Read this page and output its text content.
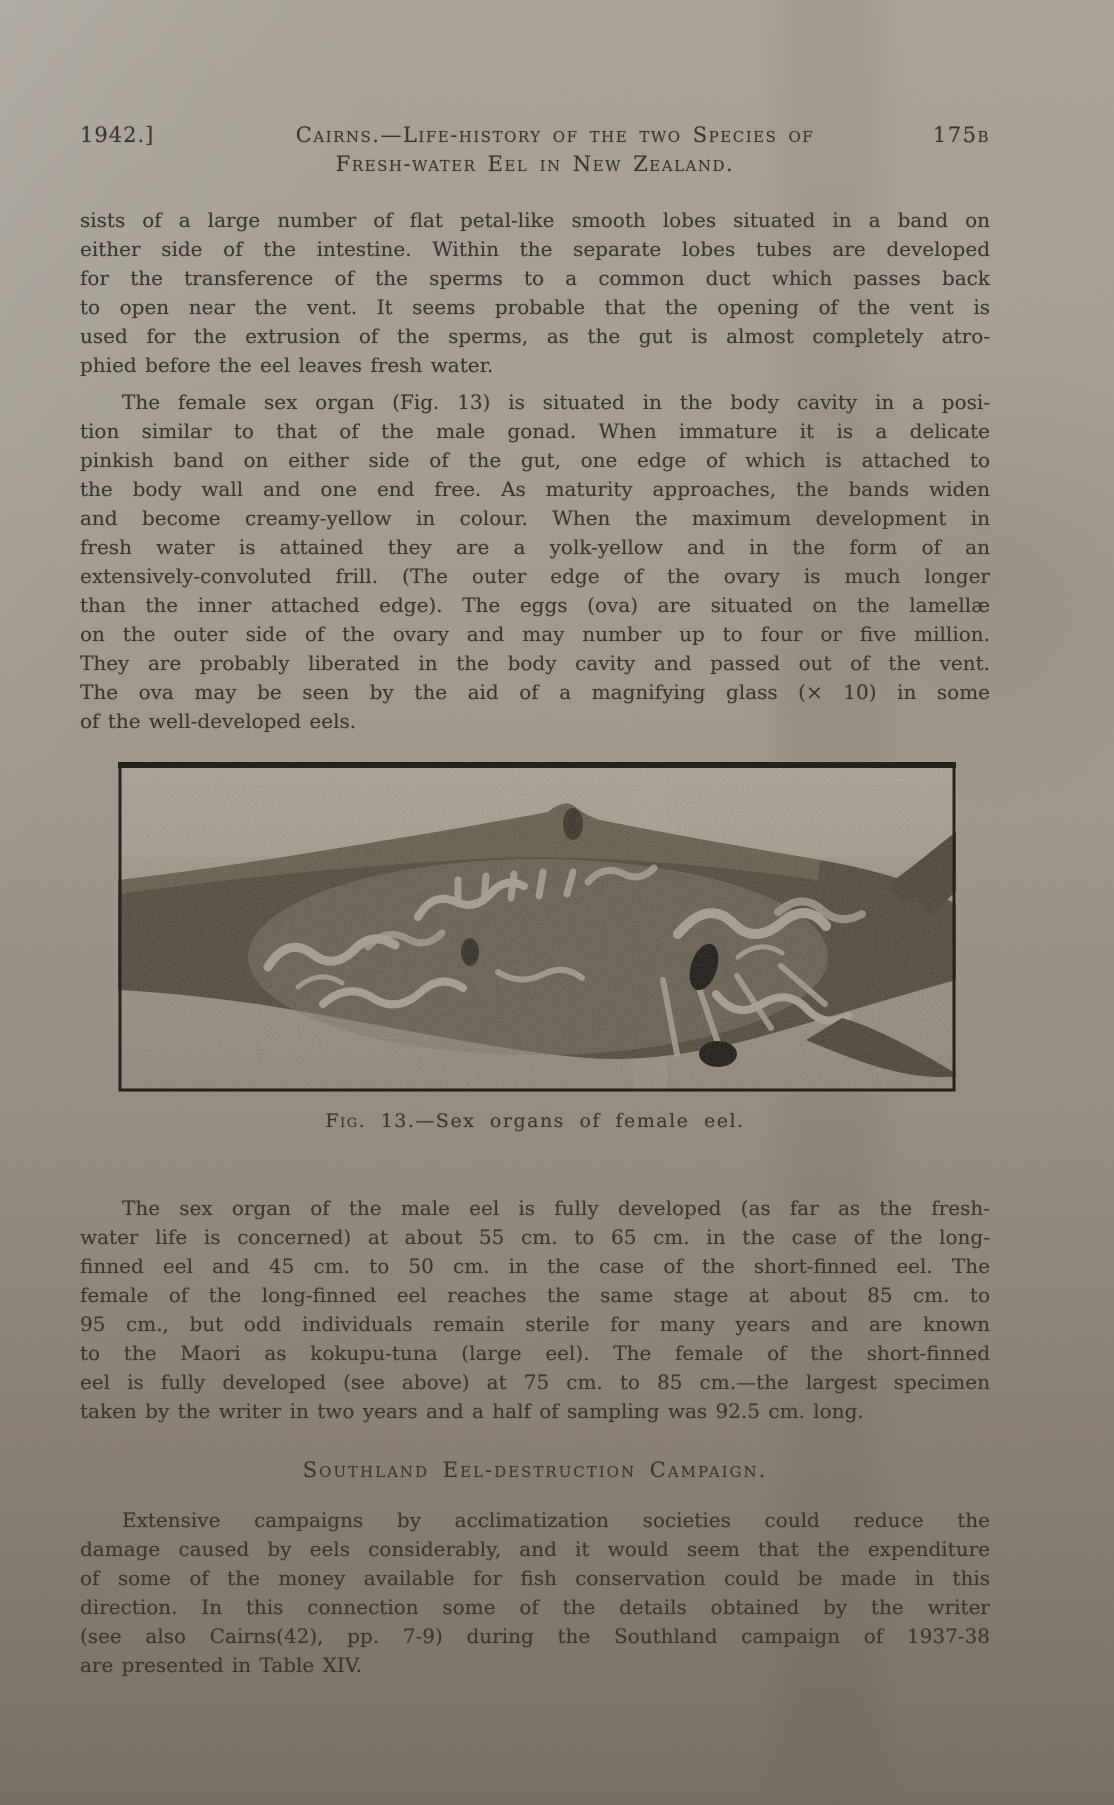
1942.]	Cairns.—Life-history of the two Species of	175b
Fresh-water Eel in New Zealand.
sists of a large number of flat petal-like smooth lobes situated in a band on
either side of the intestine. Within the separate lobes tubes are developed
for the transference of the sperms to a common duct which passes back
to open near the vent. It seems probable that the opening of the vent is
used for the extrusion of the sperms, as the gut is almost completely atro-
phied before the eel leaves fresh water.
The female sex organ (Fig. 13) is situated in the body cavity in a posi-
tion similar to that of the male gonad. When immature it is a delicate
pinkish band on either side of the gut, one edge of which is attached to
the body wall and one end free. As maturity approaches, the bands widen
and become creamy-yellow in colour. When the maximum development in
fresh water is attained they are a yolk-yellow and in the form of an
extensively-convoluted frill. (The outer edge of the ovary is much longer
than the inner attached edge). The eggs (ova) are situated on the lamellæ
on the outer side of the ovary and may number up to four or five million.
They are probably liberated in the body cavity and passed out of the vent.
The ova may be seen by the aid of a magnifying glass (× 10) in some
of the well-developed eels.
Fig. 13.—Sex organs of female eel.
The sex organ of the male eel is fully developed (as far as the fresh-
water life is concerned) at about 55 cm. to 65 cm. in the case of the long-
finned eel and 45 cm. to 50 cm. in the case of the short-finned eel. The
female of the long-finned eel reaches the same stage at about 85 cm. to
95 cm., but odd individuals remain sterile for many years and are known
to the Maori as kokupu-tuna (large eel). The female of the short-finned
eel is fully developed (see above) at 75 cm. to 85 cm.—the largest specimen
taken by the writer in two years and a half of sampling was 92.5 cm. long.
Southland Eel-destruction Campaign.
Extensive campaigns by acclimatization societies could reduce the
damage caused by eels considerably, and it would seem that the expenditure
of some of the money available for fish conservation could be made in this
direction. In this connection some of the details obtained by the writer
(see also Cairns(42), pp. 7-9) during the Southland campaign of 1937-38
are presented in Table XIV.
